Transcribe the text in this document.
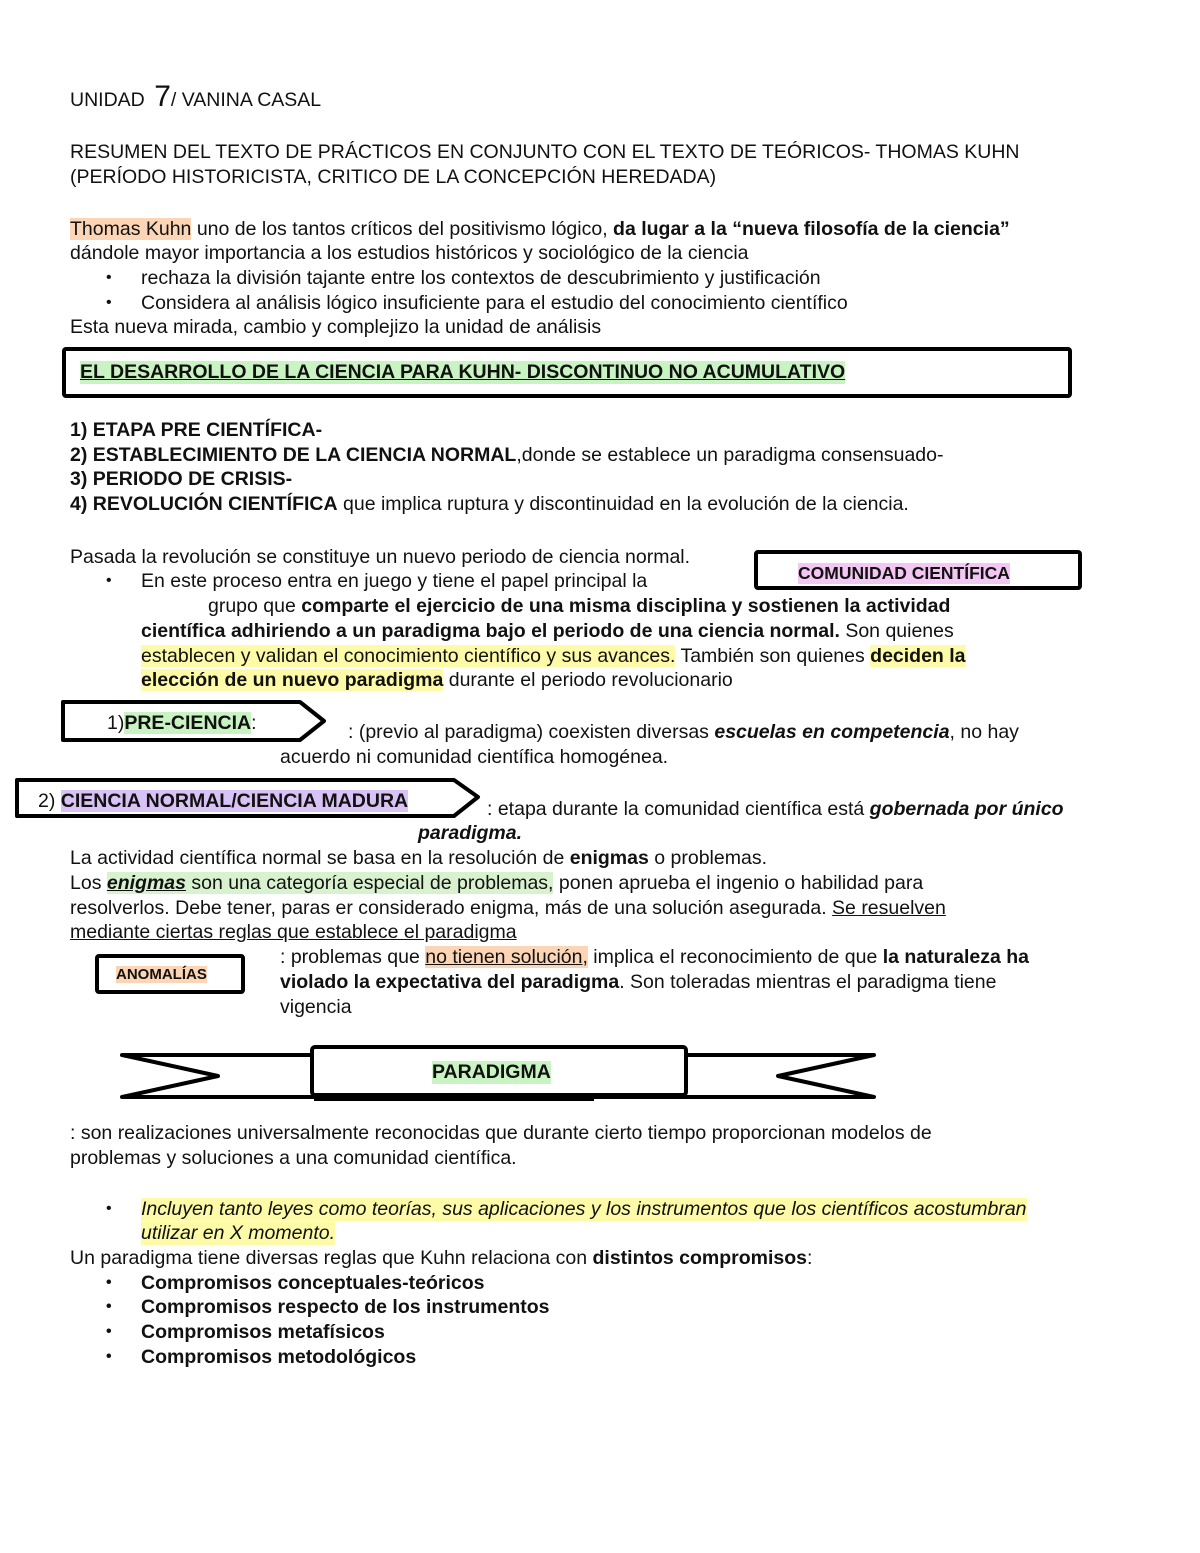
UNIDAD 7/ VANINA CASAL
RESUMEN DEL TEXTO DE PRÁCTICOS EN CONJUNTO CON EL TEXTO DE TEÓRICOS- THOMAS KUHN
(PERÍODO HISTORICISTA, CRITICO DE LA CONCEPCIÓN HEREDADA)
Thomas Kuhn uno de los tantos críticos del positivismo lógico, da lugar a la “nueva filosofía de la ciencia”
dándole mayor importancia a los estudios históricos y sociológico de la ciencia
• rechaza la división tajante entre los contextos de descubrimiento y justificación
• Considera al análisis lógico insuficiente para el estudio del conocimiento científico
Esta nueva mirada, cambio y complejizo la unidad de análisis
EL DESARROLLO DE LA CIENCIA PARA KUHN- DISCONTINUO NO ACUMULATIVO
1) ETAPA PRE CIENTÍFICA-
2) ESTABLECIMIENTO DE LA CIENCIA NORMAL,donde se establece un paradigma consensuado-
3) PERIODO DE CRISIS-
4) REVOLUCIÓN CIENTÍFICA que implica ruptura y discontinuidad en la evolución de la ciencia.
Pasada la revolución se constituye un nuevo periodo de ciencia normal.
COMUNIDAD CIENTÍFICA
• En este proceso entra en juego y tiene el papel principal la
grupo que comparte el ejercicio de una misma disciplina y sostienen la actividad
científica adhiriendo a un paradigma bajo el periodo de una ciencia normal. Son quienes
establecen y validan el conocimiento científico y sus avances. También son quienes deciden la
elección de un nuevo paradigma durante el periodo revolucionario
1)PRE-CIENCIA:	: (previo al paradigma) coexisten diversas escuelas en competencia, no hay
acuerdo ni comunidad científica homogénea.
2) CIENCIA NORMAL/CIENCIA MADURA	: etapa durante la comunidad científica está gobernada por único
paradigma.
La actividad científica normal se basa en la resolución de enigmas o problemas.
Los enigmas son una categoría especial de problemas, ponen aprueba el ingenio o habilidad para
resolverlos. Debe tener, paras er considerado enigma, más de una solución asegurada. Se resuelven
mediante ciertas reglas que establece el paradigma
ANOMALÍAS
: problemas que no tienen solución, implica el reconocimiento de que la naturaleza ha
violado la expectativa del paradigma. Son toleradas mientras el paradigma tiene
vigencia
PARADIGMA
: son realizaciones universalmente reconocidas que durante cierto tiempo proporcionan modelos de
problemas y soluciones a una comunidad científica.
• Incluyen tanto leyes como teorías, sus aplicaciones y los instrumentos que los científicos acostumbran
utilizar en X momento.
Un paradigma tiene diversas reglas que Kuhn relaciona con distintos compromisos:
• Compromisos conceptuales-teóricos
• Compromisos respecto de los instrumentos
• Compromisos metafísicos
• Compromisos metodológicos
